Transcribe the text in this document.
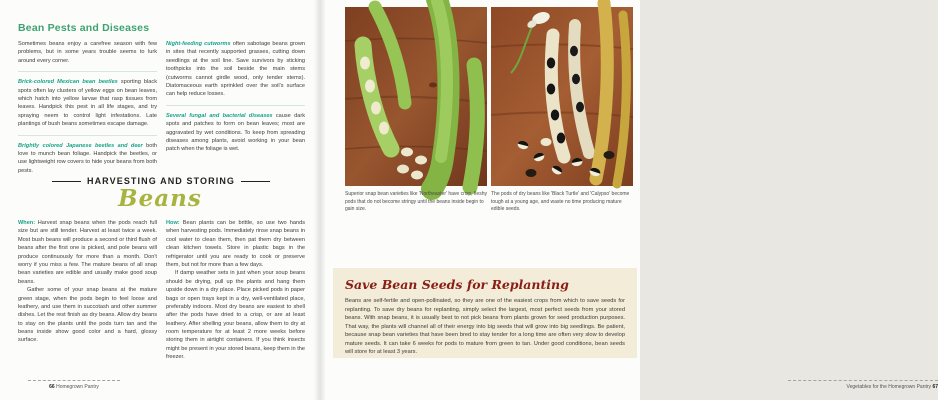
Bean Pests and Diseases

Sometimes beans enjoy a carefree season with few problems, but in some years trouble seems to lurk around every corner.

Brick-colored Mexican bean beetles sporting black spots often lay clusters of yellow eggs on bean leaves, which hatch into yellow larvae that rasp tissues from leaves. Handpick this pest in all life stages, and try spraying neem to control light infestations. Late plantings of bush beans sometimes escape damage.

Brightly colored Japanese beetles and deer both love to munch bean foliage. Handpick the beetles, or use lightweight row covers to hide your beans from both pests.

Night-feeding cutworms often sabotage beans grown in sites that recently supported grasses, cutting down seedlings at the soil line. Save survivors by sticking toothpicks into the soil beside the main stems (cutworms cannot girdle wood, only tender stems). Diatomaceous earth sprinkled over the soil's surface can help reduce losses.

Several fungal and bacterial diseases cause dark spots and patches to form on bean leaves; most are aggravated by wet conditions. To keep from spreading diseases among plants, avoid working in your bean patch when the foliage is wet.

HARVESTING AND STORING
Beans

When: Harvest snap beans when the pods reach full size but are still tender. Harvest at least twice a week. Most bush beans will produce a second or third flush of beans after the first one is picked, and pole beans will produce continuously for more than a month. Don't worry if you miss a few. The mature beans of all snap bean varieties are edible and usually make good soup beans.

Gather some of your snap beans at the mature green stage, when the pods begin to feel loose and leathery, and use them in succotash and other summer dishes. Let the rest finish as dry beans. Allow dry beans to stay on the plants until the pods turn tan and the beans inside show good color and a hard, glossy surface.

How: Bean plants can be brittle, so use two hands when harvesting pods. Immediately rinse snap beans in cool water to clean them, then pat them dry between clean kitchen towels. Store in plastic bags in the refrigerator until you are ready to cook or preserve them, but not for more than a few days.

If damp weather sets in just when your soup beans should be drying, pull up the plants and hang them upside down in a dry place. Place picked pods in paper bags or open trays kept in a dry, well-ventilated place, preferably indoors. Most dry beans are easiest to shell after the pods have dried to a crisp, or are at least leathery. After shelling your beans, allow them to dry at room temperature for at least 2 more weeks before storing them in airtight containers. If you think insects might be present in your stored beans, keep them in the freezer.

66 Homegrown Pantry

Superior snap bean varieties like 'Northeaster' have crisp, fleshy pods that do not become stringy until the beans inside begin to gain size.

The pods of dry beans like 'Black Turtle' and 'Calypso' become tough at a young age, and waste no time producing mature edible seeds.

Save Bean Seeds for Replanting

Beans are self-fertile and open-pollinated, so they are one of the easiest crops from which to save seeds for replanting. To save dry beans for replanting, simply select the largest, most perfect seeds from your stored beans. With snap beans, it is usually best to not pick beans from plants grown for seed production purposes. That way, the plants will channel all of their energy into big seeds that will grow into big seedlings. Be patient, because snap bean varieties that have been bred to stay tender for a long time are often very slow to develop mature seeds. It can take 6 weeks for pods to mature from green to tan. Under good conditions, bean seeds will store for at least 3 years.

Vegetables for the Homegrown Pantry 67
